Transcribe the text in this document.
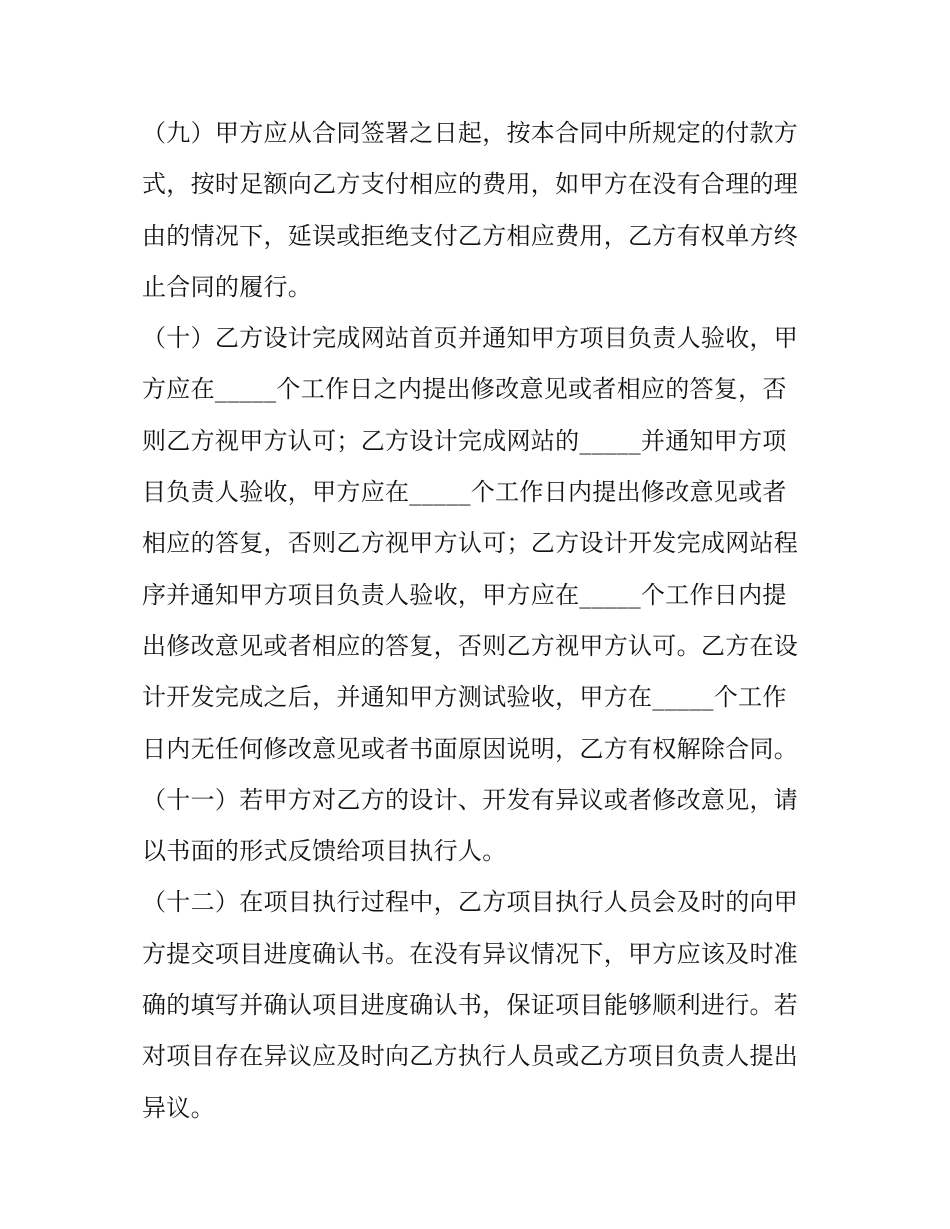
（九）甲方应从合同签署之日起，按本合同中所规定的付款方
式，按时足额向乙方支付相应的费用，如甲方在没有合理的理
由的情况下，延误或拒绝支付乙方相应费用，乙方有权单方终
止合同的履行。
（十）乙方设计完成网站首页并通知甲方项目负责人验收，甲
方应在_____个工作日之内提出修改意见或者相应的答复，否
则乙方视甲方认可；乙方设计完成网站的_____并通知甲方项
目负责人验收，甲方应在_____个工作日内提出修改意见或者
相应的答复，否则乙方视甲方认可；乙方设计开发完成网站程
序并通知甲方项目负责人验收，甲方应在_____个工作日内提
出修改意见或者相应的答复，否则乙方视甲方认可。乙方在设
计开发完成之后，并通知甲方测试验收，甲方在_____个工作
日内无任何修改意见或者书面原因说明，乙方有权解除合同。
（十一）若甲方对乙方的设计、开发有异议或者修改意见，请
以书面的形式反馈给项目执行人。
（十二）在项目执行过程中，乙方项目执行人员会及时的向甲
方提交项目进度确认书。在没有异议情况下，甲方应该及时准
确的填写并确认项目进度确认书，保证项目能够顺利进行。若
对项目存在异议应及时向乙方执行人员或乙方项目负责人提出
异议。
